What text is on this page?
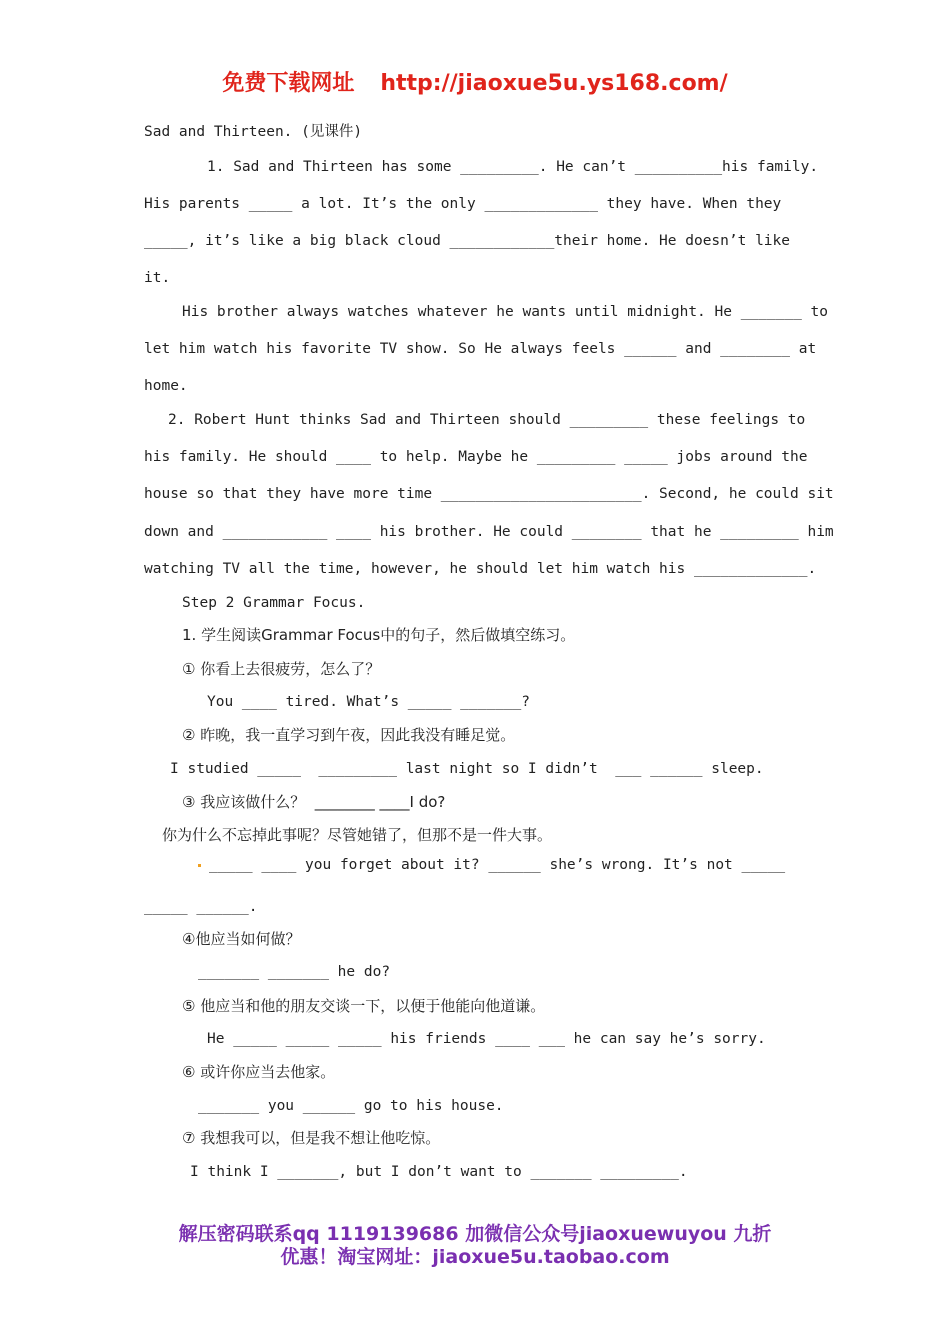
免费下载网址 http://jiaoxue5u.ys168.com/
Sad and Thirteen. (见课件)
1. Sad and Thirteen has some _________. He can’t __________his family.
His parents _____ a lot. It’s the only _____________ they have. When they
_____, it’s like a big black cloud ____________their home. He doesn’t like
it.
His brother always watches whatever he wants until midnight. He _______ to
let him watch his favorite TV show. So He always feels ______ and ________ at
home.
2. Robert Hunt thinks Sad and Thirteen should _________ these feelings to
his family. He should ____ to help. Maybe he _________ _____ jobs around the
house so that they have more time _______________________. Second, he could sit
down and ____________ ____ his brother. He could ________ that he _________ him
watching TV all the time, however, he should let him watch his _____________.
Step 2 Grammar Focus.
1. 学生阅读Grammar Focus中的句子，然后做填空练习。
① 你看上去很疲劳，怎么了？
You ____ tired. What’s _____ _______?
② 昨晚，我一直学习到午夜，因此我没有睡足觉。
I studied _____  _________ last night so I didn’t  ___ ______ sleep.
③ 我应该做什么？  ________ ____I do?
你为什么不忘掉此事呢？尽管她错了，但那不是一件大事。
_____ ____ you forget about it? ______ she’s wrong. It’s not _____
_____ ______.
④他应当如何做？
_______ _______ he do?
⑤ 他应当和他的朋友交谈一下，以便于他能向他道谦。
He _____ _____ _____ his friends ____ ___ he can say he’s sorry.
⑥ 或许你应当去他家。
_______ you ______ go to his house.
⑦ 我想我可以，但是我不想让他吃惊。
I think I _______, but I don’t want to _______ _________.
解压密码联系qq 1119139686 加微信公众号jiaoxuewuyou 九折
优惠！淘宝网址：jiaoxue5u.taobao.com
